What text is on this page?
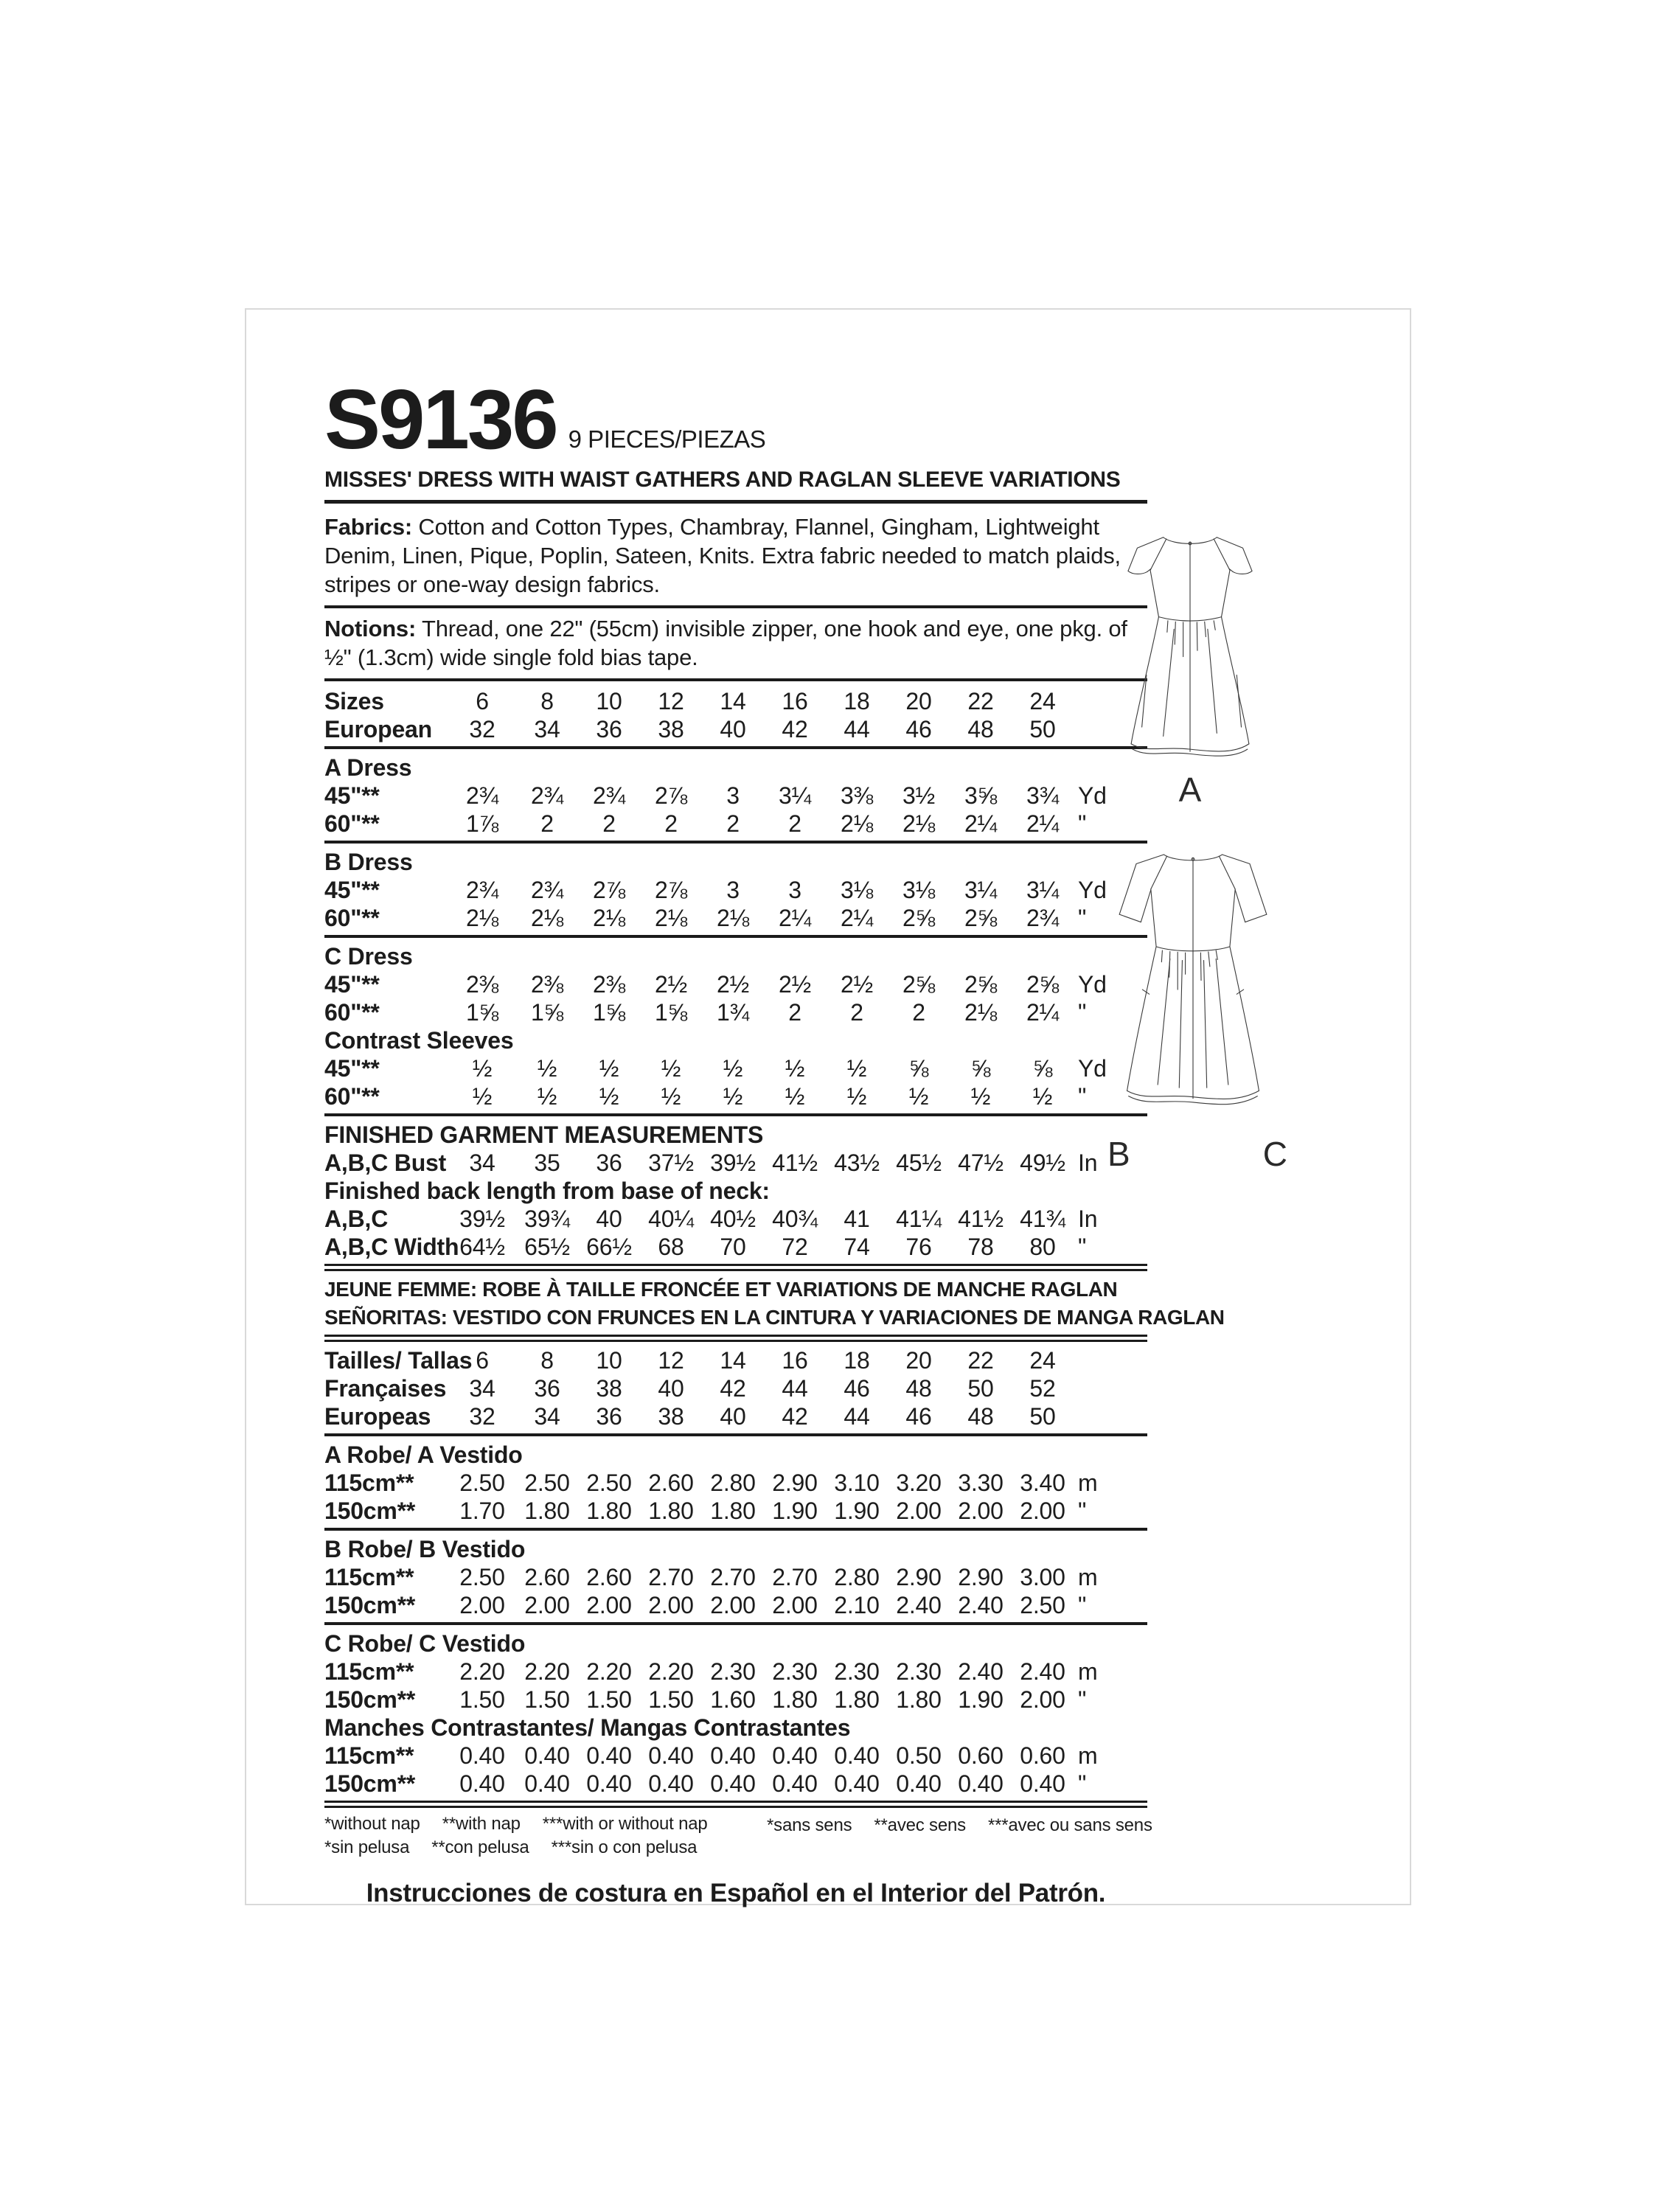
S9136 9 PIECES/PIEZAS
MISSES' DRESS WITH WAIST GATHERS AND RAGLAN SLEEVE VARIATIONS
Fabrics: Cotton and Cotton Types, Chambray, Flannel, Gingham, Lightweight Denim, Linen, Pique, Poplin, Sateen, Knits. Extra fabric needed to match plaids, stripes or one-way design fabrics.
Notions: Thread, one 22" (55cm) invisible zipper, one hook and eye, one pkg. of ½" (1.3cm) wide single fold bias tape.
Sizes	6	8	10	12	14	16	18	20	22	24
European	32	34	36	38	40	42	44	46	48	50
A Dress
45"**	2¾	2¾	2¾	2⅞	3	3¼	3⅜	3½	3⅝	3¾ Yd
60"**	1⅞	2	2	2	2	2	2⅛	2⅛	2¼	2¼ "
B Dress
45"**	2¾	2¾	2⅞	2⅞	3	3	3⅛	3⅛	3¼	3¼ Yd
60"**	2⅛	2⅛	2⅛	2⅛	2⅛	2¼	2¼	2⅝	2⅝	2¾ "
C Dress
45"**	2⅜	2⅜	2⅜	2½	2½	2½	2½	2⅝	2⅝	2⅝ Yd
60"**	1⅝	1⅝	1⅝	1⅝	1¾	2	2	2	2⅛	2¼ "
Contrast Sleeves
45"**	½	½	½	½	½	½	½	⅝	⅝	⅝	Yd
60"**	½	½	½	½	½	½	½	½	½	½	"
FINISHED GARMENT MEASUREMENTS
A,B,C Bust 34	35	36	37½ 39½ 41½ 43½ 45½ 47½ 49½ In
Finished back length from base of neck:
A,B,C	39½ 39¾	40	40¼ 40½ 40¾	41	41¼ 41½ 41¾ In
A,B,C Width 64½ 65½ 66½	68	70	72	74	76	78	80 "
JEUNE FEMME: ROBE À TAILLE FRONCÉE ET VARIATIONS DE MANCHE RAGLAN
SEÑORITAS: VESTIDO CON FRUNCES EN LA CINTURA Y VARIACIONES DE MANGA RAGLAN
Tailles/ Tallas 6	8	10	12	14	16	18	20	22	24
Françaises 34	36	38	40	42	44	46	48	50	52
Europeas	32	34	36	38	40	42	44	46	48	50
A Robe/ A Vestido
115cm**	2.50 2.50 2.50 2.60 2.80 2.90 3.10 3.20 3.30 3.40 m
150cm**	1.70 1.80 1.80 1.80 1.80 1.90 1.90 2.00 2.00 2.00 "
B Robe/ B Vestido
115cm**	2.50 2.60 2.60 2.70 2.70 2.70 2.80 2.90 2.90 3.00 m
150cm**	2.00 2.00 2.00 2.00 2.00 2.00 2.10 2.40 2.40 2.50 "
C Robe/ C Vestido
115cm**	2.20 2.20 2.20 2.20 2.30 2.30 2.30 2.30 2.40 2.40 m
150cm**	1.50 1.50 1.50 1.50 1.60 1.80 1.80 1.80 1.90 2.00 "
Manches Contrastantes/ Mangas Contrastantes
115cm**	0.40 0.40 0.40 0.40 0.40 0.40 0.40 0.50 0.60 0.60 m
150cm**	0.40 0.40 0.40 0.40 0.40 0.40 0.40 0.40 0.40 0.40 "
*without nap **with nap ***with or without nap
*sin pelusa **con pelusa ***sin o con pelusa
*sans sens **avec sens ***avec ou sans sens
Instrucciones de costura en Español en el Interior del Patrón.
A
B	C
